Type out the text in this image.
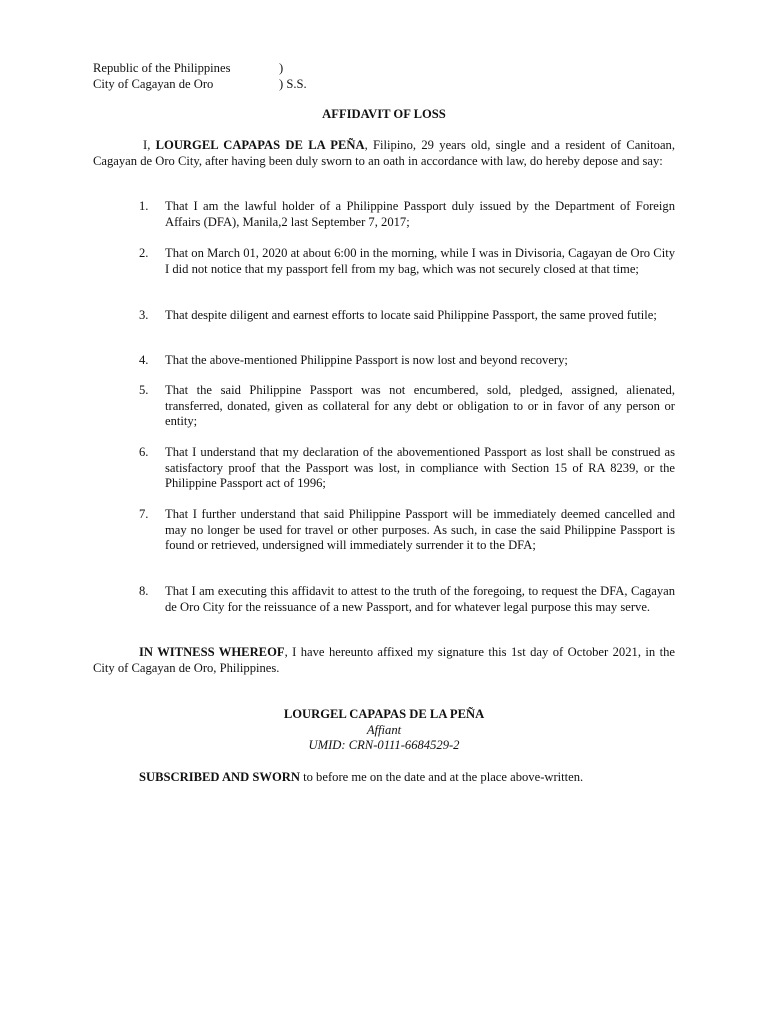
Republic of the Philippines	)
City of Cagayan de Oro	) S.S.
AFFIDAVIT OF LOSS
I, LOURGEL CAPAPAS DE LA PEÑA, Filipino, 29 years old, single and a resident of Canitoan, Cagayan de Oro City, after having been duly sworn to an oath in accordance with law, do hereby depose and say:
1.	That I am the lawful holder of a Philippine Passport duly issued by the Department of Foreign Affairs (DFA), Manila,2 last September 7, 2017;
2.	That on March 01, 2020 at about 6:00 in the morning, while I was in Divisoria, Cagayan de Oro City I did not notice that my passport fell from my bag, which was not securely closed at that time;
3.	That despite diligent and earnest efforts to locate said Philippine Passport, the same proved futile;
4.	That the above-mentioned Philippine Passport is now lost and beyond recovery;
5.	That the said Philippine Passport was not encumbered, sold, pledged, assigned, alienated, transferred, donated, given as collateral for any debt or obligation to or in favor of any person or entity;
6.	That I understand that my declaration of the abovementioned Passport as lost shall be construed as satisfactory proof that the Passport was lost, in compliance with Section 15 of RA 8239, or the Philippine Passport act of 1996;
7.	That I further understand that said Philippine Passport will be immediately deemed cancelled and may no longer be used for travel or other purposes. As such, in case the said Philippine Passport is found or retrieved, undersigned will immediately surrender it to the DFA;
8.	That I am executing this affidavit to attest to the truth of the foregoing, to request the DFA, Cagayan de Oro City for the reissuance of a new Passport, and for whatever legal purpose this may serve.
IN WITNESS WHEREOF, I have hereunto affixed my signature this 1st day of October 2021, in the City of Cagayan de Oro, Philippines.
LOURGEL CAPAPAS DE LA PEÑA
Affiant
UMID: CRN-0111-6684529-2
SUBSCRIBED AND SWORN to before me on the date and at the place above-written.
